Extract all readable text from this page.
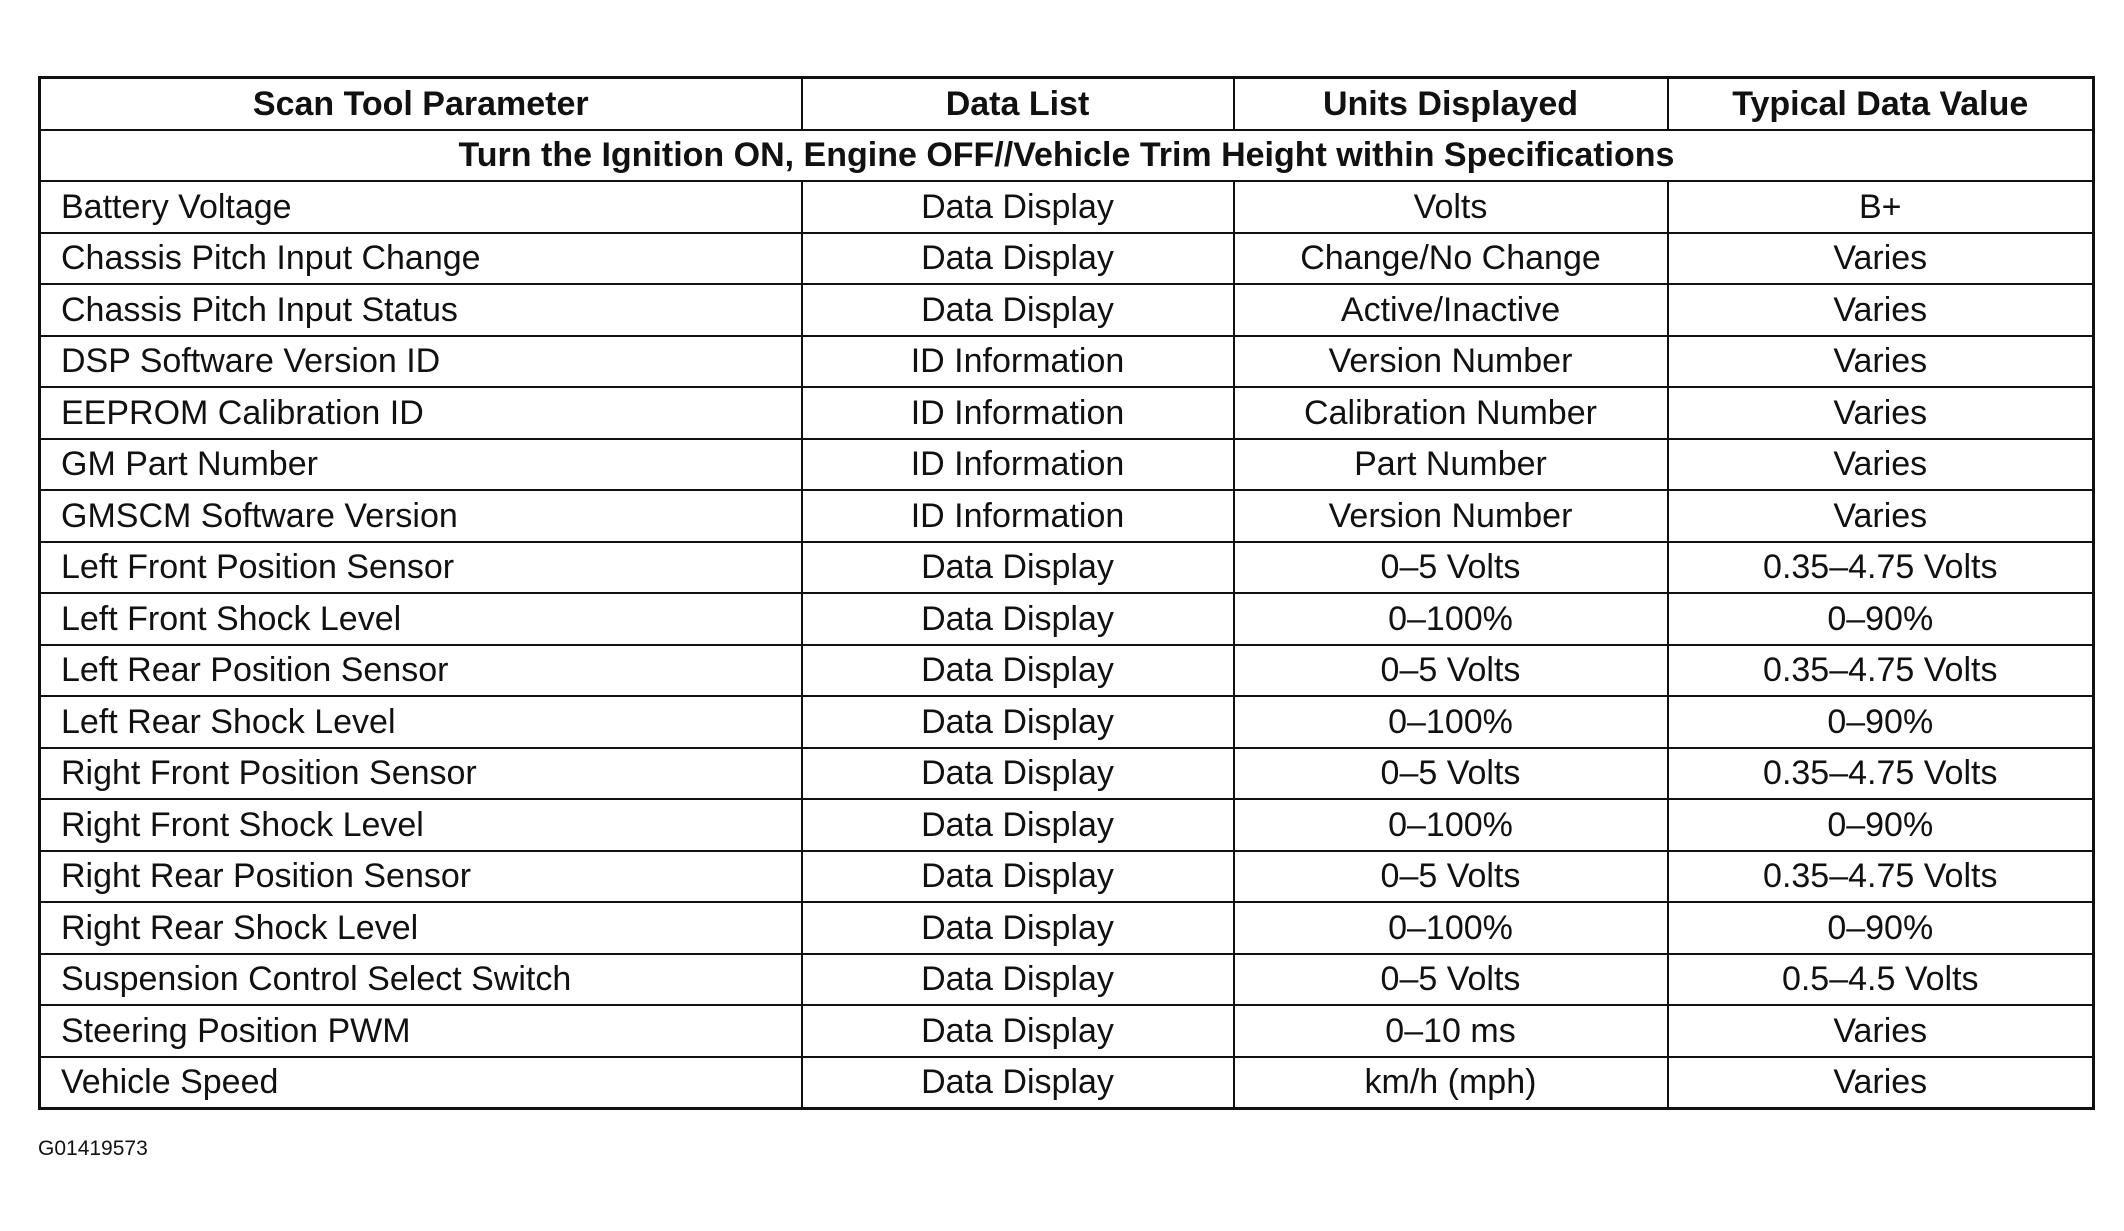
Scan Tool Parameter	Data List	Units Displayed	Typical Data Value
Turn the Ignition ON, Engine OFF//Vehicle Trim Height within Specifications			
Battery Voltage	Data Display	Volts	B+
Chassis Pitch Input Change	Data Display	Change/No Change	Varies
Chassis Pitch Input Status	Data Display	Active/Inactive	Varies
DSP Software Version ID	ID Information	Version Number	Varies
EEPROM Calibration ID	ID Information	Calibration Number	Varies
GM Part Number	ID Information	Part Number	Varies
GMSCM Software Version	ID Information	Version Number	Varies
Left Front Position Sensor	Data Display	0–5 Volts	0.35–4.75 Volts
Left Front Shock Level	Data Display	0–100%	0–90%
Left Rear Position Sensor	Data Display	0–5 Volts	0.35–4.75 Volts
Left Rear Shock Level	Data Display	0–100%	0–90%
Right Front Position Sensor	Data Display	0–5 Volts	0.35–4.75 Volts
Right Front Shock Level	Data Display	0–100%	0–90%
Right Rear Position Sensor	Data Display	0–5 Volts	0.35–4.75 Volts
Right Rear Shock Level	Data Display	0–100%	0–90%
Suspension Control Select Switch	Data Display	0–5 Volts	0.5–4.5 Volts
Steering Position PWM	Data Display	0–10 ms	Varies
Vehicle Speed	Data Display	km/h (mph)	Varies
G01419573
